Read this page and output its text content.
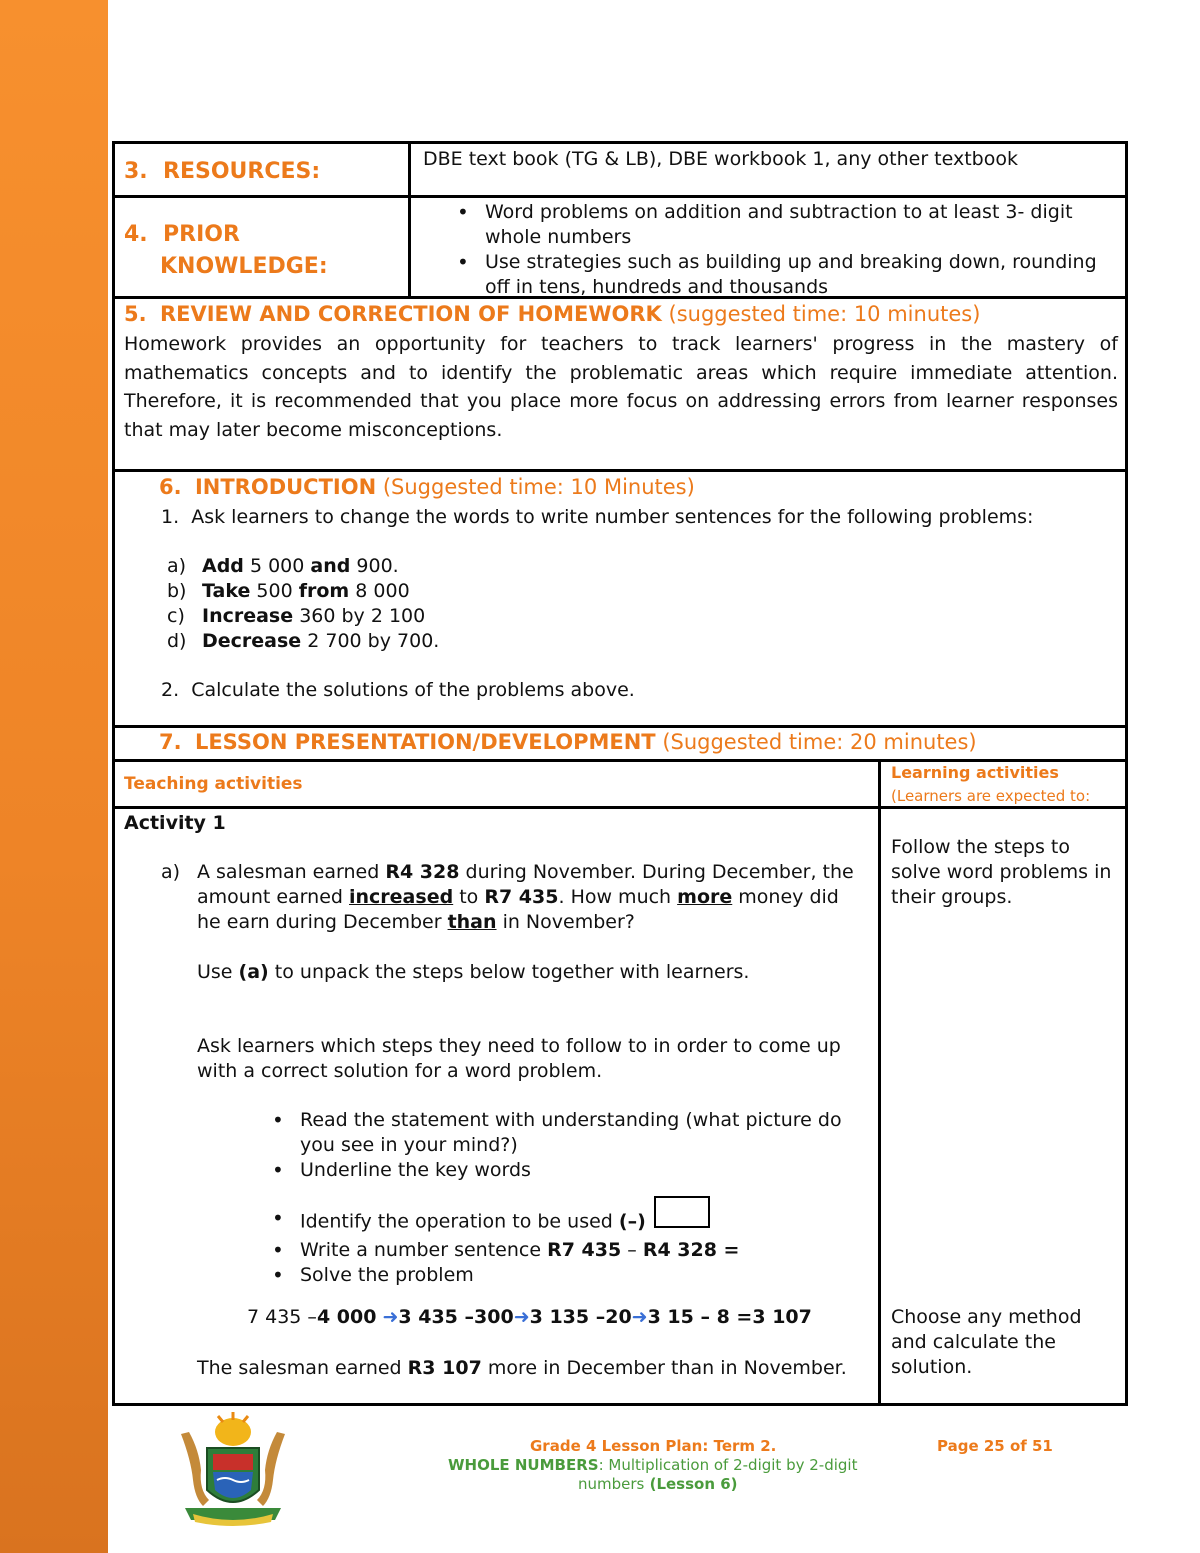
3. RESOURCES:	DBE text book (TG & LB), DBE workbook 1, any other textbook
4. PRIOR
KNOWLEDGE:
• Word problems on addition and subtraction to at least 3- digit whole numbers
• Use strategies such as building up and breaking down, rounding off in tens, hundreds and thousands
5. REVIEW AND CORRECTION OF HOMEWORK (suggested time: 10 minutes)
Homework provides an opportunity for teachers to track learners' progress in the mastery of mathematics concepts and to identify the problematic areas which require immediate attention. Therefore, it is recommended that you place more focus on addressing errors from learner responses that may later become misconceptions.
6. INTRODUCTION (Suggested time: 10 Minutes)
1. Ask learners to change the words to write number sentences for the following problems:
a) Add 5 000 and 900.
b) Take 500 from 8 000
c) Increase 360 by 2 100
d) Decrease 2 700 by 700.
2. Calculate the solutions of the problems above.
7. LESSON PRESENTATION/DEVELOPMENT (Suggested time: 20 minutes)
Teaching activities
Learning activities
(Learners are expected to:
Activity 1
a) A salesman earned R4 328 during November. During December, the amount earned increased to R7 435. How much more money did he earn during December than in November?
Use (a) to unpack the steps below together with learners.
Ask learners which steps they need to follow to in order to come up with a correct solution for a word problem.
• Read the statement with understanding (what picture do you see in your mind?)
• Underline the key words
• Identify the operation to be used (–)
• Write a number sentence R7 435 – R4 328 =
• Solve the problem
7 435 –4 000 ➜3 435 –300➜3 135 –20➜3 15 – 8 =3 107
The salesman earned R3 107 more in December than in November.
Follow the steps to solve word problems in their groups.
Choose any method and calculate the solution.
Grade 4 Lesson Plan: Term 2.	Page 25 of 51
WHOLE NUMBERS: Multiplication of 2-digit by 2-digit
numbers (Lesson 6)
